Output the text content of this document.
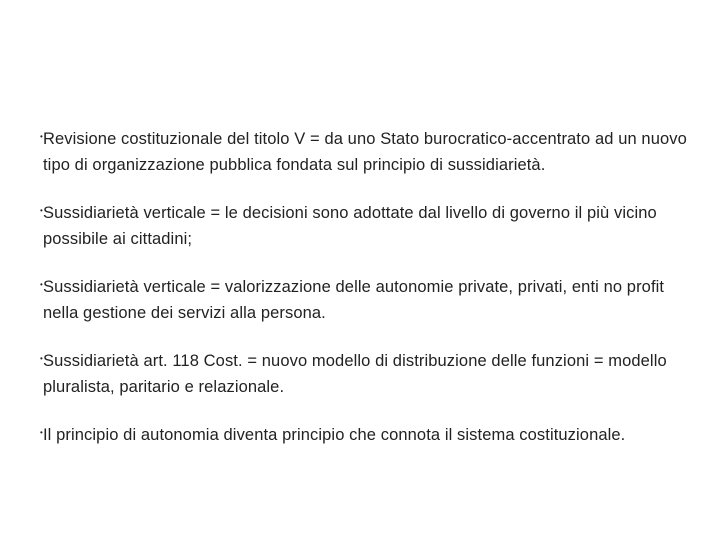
• Revisione costituzionale del titolo V = da uno Stato burocratico-accentrato ad un nuovo tipo di organizzazione pubblica fondata sul principio di sussidiarietà.
• Sussidiarietà verticale = le decisioni sono adottate dal livello di governo il più vicino possibile ai cittadini;
• Sussidiarietà verticale = valorizzazione delle autonomie private, privati, enti no profit nella gestione dei servizi alla persona.
• Sussidiarietà art. 118 Cost. = nuovo modello di distribuzione delle funzioni = modello pluralista, paritario e relazionale.
• Il principio di autonomia diventa principio che connota il sistema costituzionale.
